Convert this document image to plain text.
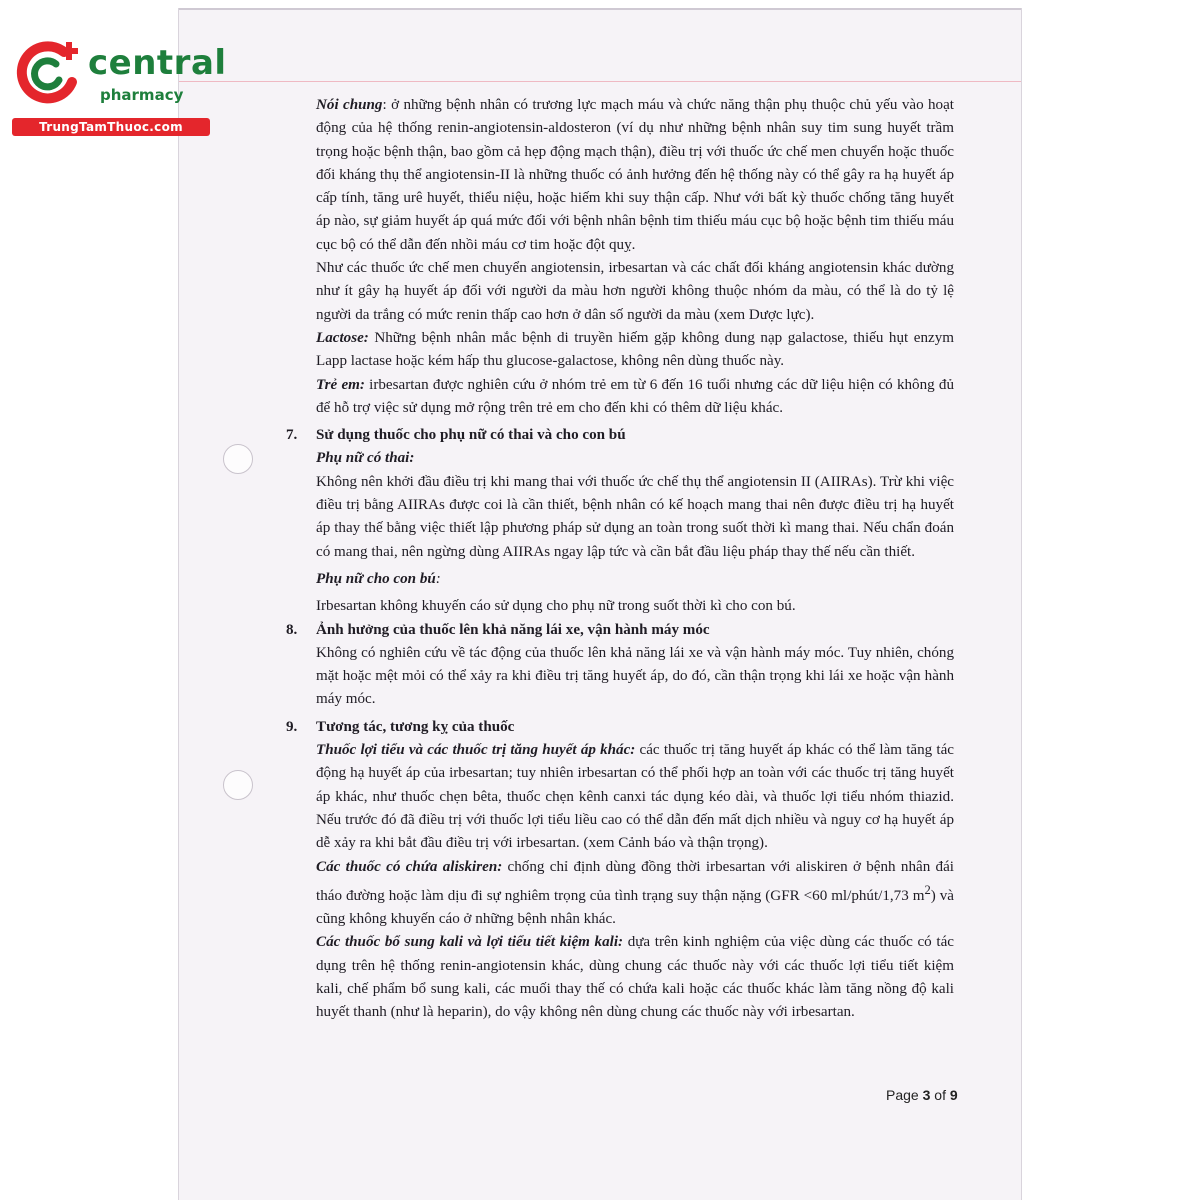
central
pharmacy
TrungTamThuoc.com

Nói chung: ở những bệnh nhân có trương lực mạch máu và chức năng thận phụ thuộc chủ yếu vào hoạt động của hệ thống renin-angiotensin-aldosteron (ví dụ như những bệnh nhân suy tim sung huyết trầm trọng hoặc bệnh thận, bao gồm cả hẹp động mạch thận), điều trị với thuốc ức chế men chuyển hoặc thuốc đối kháng thụ thể angiotensin-II là những thuốc có ảnh hưởng đến hệ thống này có thể gây ra hạ huyết áp cấp tính, tăng urê huyết, thiểu niệu, hoặc hiếm khi suy thận cấp. Như với bất kỳ thuốc chống tăng huyết áp nào, sự giảm huyết áp quá mức đối với bệnh nhân bệnh tim thiếu máu cục bộ hoặc bệnh tim thiếu máu cục bộ có thể dẫn đến nhồi máu cơ tim hoặc đột quỵ.

Như các thuốc ức chế men chuyển angiotensin, irbesartan và các chất đối kháng angiotensin khác dường như ít gây hạ huyết áp đối với người da màu hơn người không thuộc nhóm da màu, có thể là do tỷ lệ người da trắng có mức renin thấp cao hơn ở dân số người da màu (xem Dược lực).

Lactose: Những bệnh nhân mắc bệnh di truyền hiếm gặp không dung nạp galactose, thiếu hụt enzym Lapp lactase hoặc kém hấp thu glucose-galactose, không nên dùng thuốc này.

Trẻ em: irbesartan được nghiên cứu ở nhóm trẻ em từ 6 đến 16 tuổi nhưng các dữ liệu hiện có không đủ để hỗ trợ việc sử dụng mở rộng trên trẻ em cho đến khi có thêm dữ liệu khác.

7.	Sử dụng thuốc cho phụ nữ có thai và cho con bú

Phụ nữ có thai:

Không nên khởi đầu điều trị khi mang thai với thuốc ức chế thụ thể angiotensin II (AIIRAs). Trừ khi việc điều trị bằng AIIRAs được coi là cần thiết, bệnh nhân có kế hoạch mang thai nên được điều trị hạ huyết áp thay thế bằng việc thiết lập phương pháp sử dụng an toàn trong suốt thời kì mang thai. Nếu chẩn đoán có mang thai, nên ngừng dùng AIIRAs ngay lập tức và cần bắt đầu liệu pháp thay thế nếu cần thiết.

Phụ nữ cho con bú:

Irbesartan không khuyến cáo sử dụng cho phụ nữ trong suốt thời kì cho con bú.

8.	Ảnh hưởng của thuốc lên khả năng lái xe, vận hành máy móc

Không có nghiên cứu về tác động của thuốc lên khả năng lái xe và vận hành máy móc. Tuy nhiên, chóng mặt hoặc mệt mỏi có thể xảy ra khi điều trị tăng huyết áp, do đó, cần thận trọng khi lái xe hoặc vận hành máy móc.

9.	Tương tác, tương kỵ của thuốc

Thuốc lợi tiểu và các thuốc trị tăng huyết áp khác: các thuốc trị tăng huyết áp khác có thể làm tăng tác động hạ huyết áp của irbesartan; tuy nhiên irbesartan có thể phối hợp an toàn với các thuốc trị tăng huyết áp khác, như thuốc chẹn bêta, thuốc chẹn kênh canxi tác dụng kéo dài, và thuốc lợi tiểu nhóm thiazid. Nếu trước đó đã điều trị với thuốc lợi tiểu liều cao có thể dẫn đến mất dịch nhiều và nguy cơ hạ huyết áp dễ xảy ra khi bắt đầu điều trị với irbesartan. (xem Cảnh báo và thận trọng).

Các thuốc có chứa aliskiren: chống chỉ định dùng đồng thời irbesartan với aliskiren ở bệnh nhân đái tháo đường hoặc làm dịu đi sự nghiêm trọng của tình trạng suy thận nặng (GFR <60 ml/phút/1,73 $m^2$) và cũng không khuyến cáo ở những bệnh nhân khác.

Các thuốc bổ sung kali và lợi tiểu tiết kiệm kali: dựa trên kinh nghiệm của việc dùng các thuốc có tác dụng trên hệ thống renin-angiotensin khác, dùng chung các thuốc này với các thuốc lợi tiểu tiết kiệm kali, chế phẩm bổ sung kali, các muối thay thế có chứa kali hoặc các thuốc khác làm tăng nồng độ kali huyết thanh (như là heparin), do vậy không nên dùng chung các thuốc này với irbesartan.

Page 3 of 9
